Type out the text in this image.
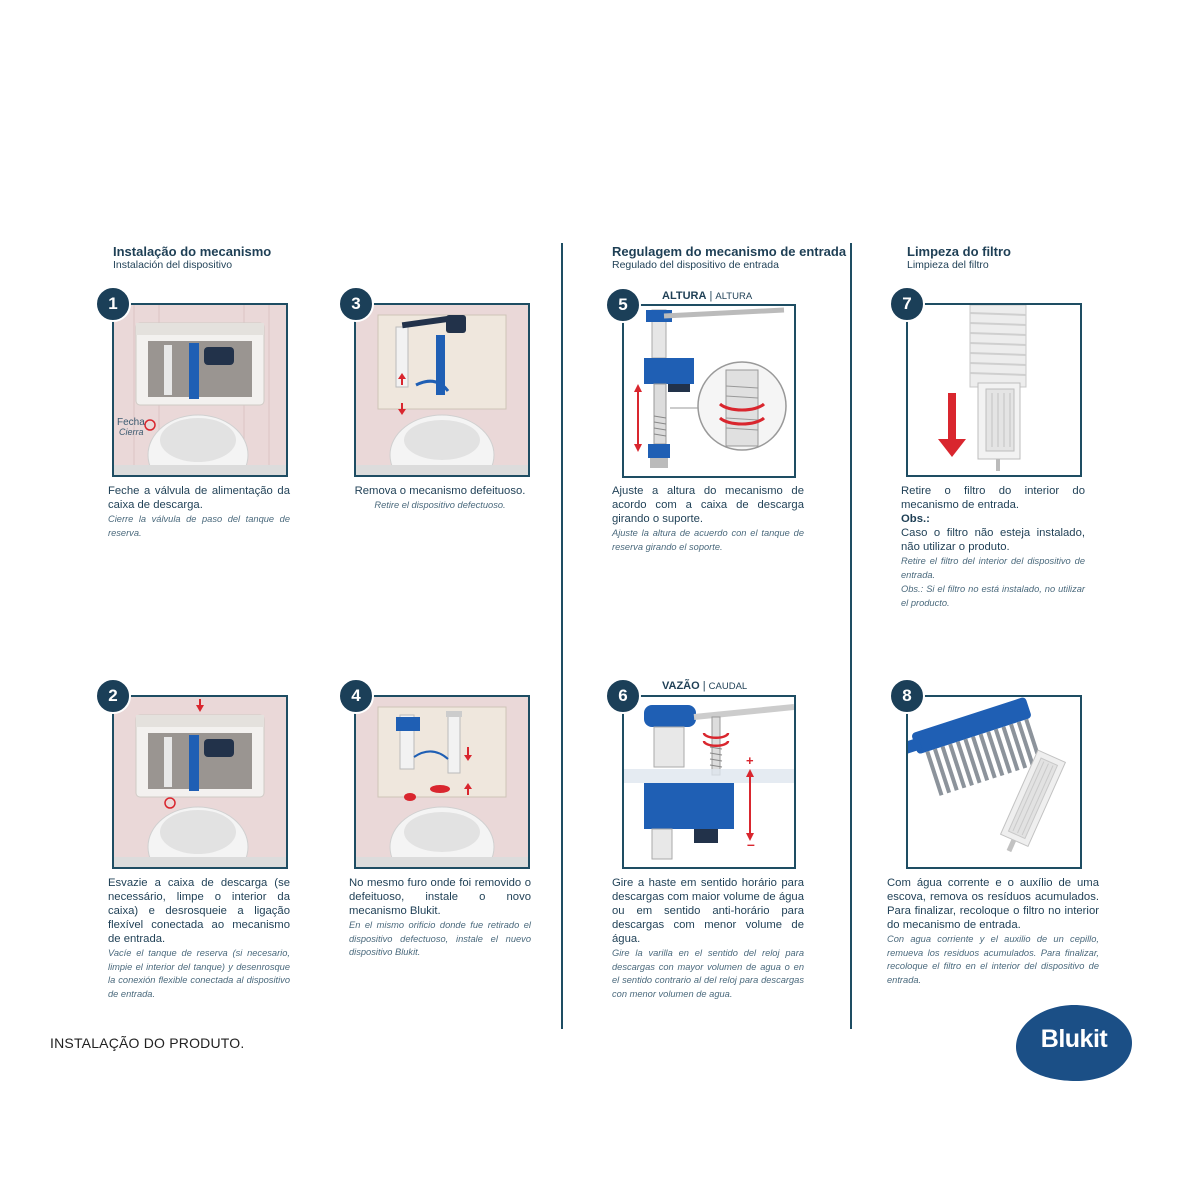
Instalação do mecanismo
Instalación del dispositivo
Regulagem do mecanismo de entrada
Regulado del dispositivo de entrada
Limpeza do filtro
Limpieza del filtro
1
Fecha
Cierra
Feche a válvula de alimentação da caixa de descarga.
Cierre la válvula de paso del tanque de reserva.
3
Remova o mecanismo defeituoso.
Retire el dispositivo defectuoso.
5	ALTURA | ALTURA
Ajuste a altura do mecanismo de acordo com a caixa de descarga girando o suporte.
Ajuste la altura de acuerdo con el tanque de reserva girando el soporte.
7
Retire o filtro do interior do mecanismo de entrada.
Obs.:
Caso o filtro não esteja instalado, não utilizar o produto.
Retire el filtro del interior del dispositivo de entrada.
Obs.: Si el filtro no está instalado, no utilizar el producto.
2
Esvazie a caixa de descarga (se necessário, limpe o interior da caixa) e desrosqueie a ligação flexível conectada ao mecanismo de entrada.
Vacíe el tanque de reserva (si necesario, limpie el interior del tanque) y desenrosque la conexión flexible conectada al dispositivo de entrada.
4
No mesmo furo onde foi removido o defeituoso, instale o novo mecanismo Blukit.
En el mismo orificio donde fue retirado el dispositivo defectuoso, instale el nuevo dispositivo Blukit.
6	VAZÃO | CAUDAL
+
–
Gire a haste em sentido horário para descargas com maior volume de água ou em sentido anti-horário para descargas com menor volume de água.
Gire la varilla en el sentido del reloj para descargas con mayor volumen de agua o en el sentido contrario al del reloj para descargas con menor volumen de agua.
8
Com água corrente e o auxílio de uma escova, remova os resíduos acumulados. Para finalizar, recoloque o filtro no interior do mecanismo de entrada.
Con agua corriente y el auxilio de un cepillo, remueva los residuos acumulados. Para finalizar, recoloque el filtro en el interior del dispositivo de entrada.
INSTALAÇÃO DO PRODUTO.	Blukit
